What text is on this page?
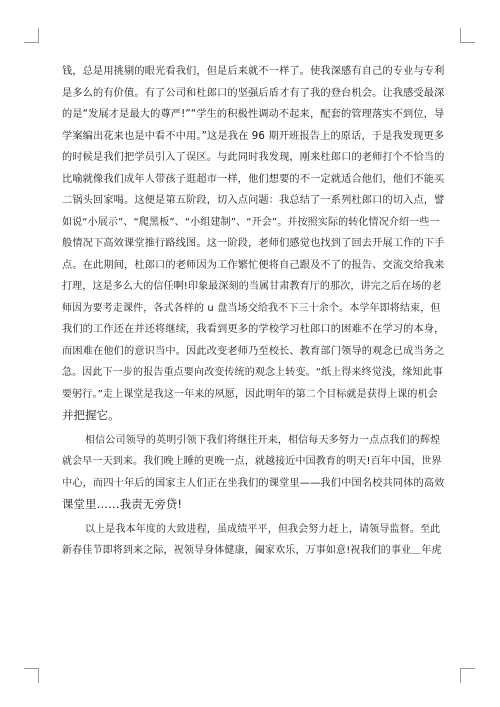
钱，总是用挑剔的眼光看我们，但是后来就不一样了。使我深感有自己的专业与专利
是多么的有价值。有了公司和杜郎口的坚强后盾才有了我的登台机会。让我感受最深
的是“发展才是最大的尊严!”“学生的积极性调动不起来，配套的管理落实不到位，导
学案编出花来也是中看不中用。”这是我在 96 期开班报告上的原话，于是我发现更多
的时候是我们把学员引入了误区。与此同时我发现，刚来杜郎口的老师打个不恰当的
比喻就像我们成年人带孩子逛超市一样，他们想要的不一定就适合他们，他们不能买
二锅头回家喝。这便是第五阶段，切入点问题：我总结了一系列杜郎口的切入点，譬
如说“小展示”、“爬黑板”、“小组建制”、“开会”。并按照实际的转化情况介绍一些一
般情况下高效课堂推行路线图。这一阶段，老师们感觉也找到了回去开展工作的下手
点。在此期间，杜郎口的老师因为工作繁忙便将自己跟及不了的报告、交流交给我来
打理，这是多么大的信任啊!印象最深刻的当属甘肃教育厅的那次，讲完之后在场的老
师因为要考走课件，各式各样的 u 盘当场交给我不下三十余个。本学年即将结束，但
我们的工作还在并还将继续，我看到更多的学校学习杜郎口的困难不在学习的本身，
而困难在他们的意识当中。因此改变老师乃至校长、教育部门领导的观念已成当务之
急。因此下一步的报告重点要向改变传统的观念上转变。“纸上得来终觉浅，缘知此事
要躬行。”走上课堂是我这一年来的夙愿，因此明年的第二个目标就是获得上课的机会
并把握它。
相信公司领导的英明引领下我们将继往开来，相信每天多努力一点点我们的辉煌
就会早一天到来。我们晚上睡的更晚一点，就越接近中国教育的明天!百年中国，世界
中心，而四十年后的国家主人们正在坐我们的课堂里——我们中国名校共同体的高效
课堂里……我责无旁贷!
以上是我本年度的大致进程，虽成绩平平，但我会努力赶上，请领导监督。至此
新春佳节即将到来之际，祝领导身体健康，阖家欢乐，万事如意!祝我们的事业＿年虎
